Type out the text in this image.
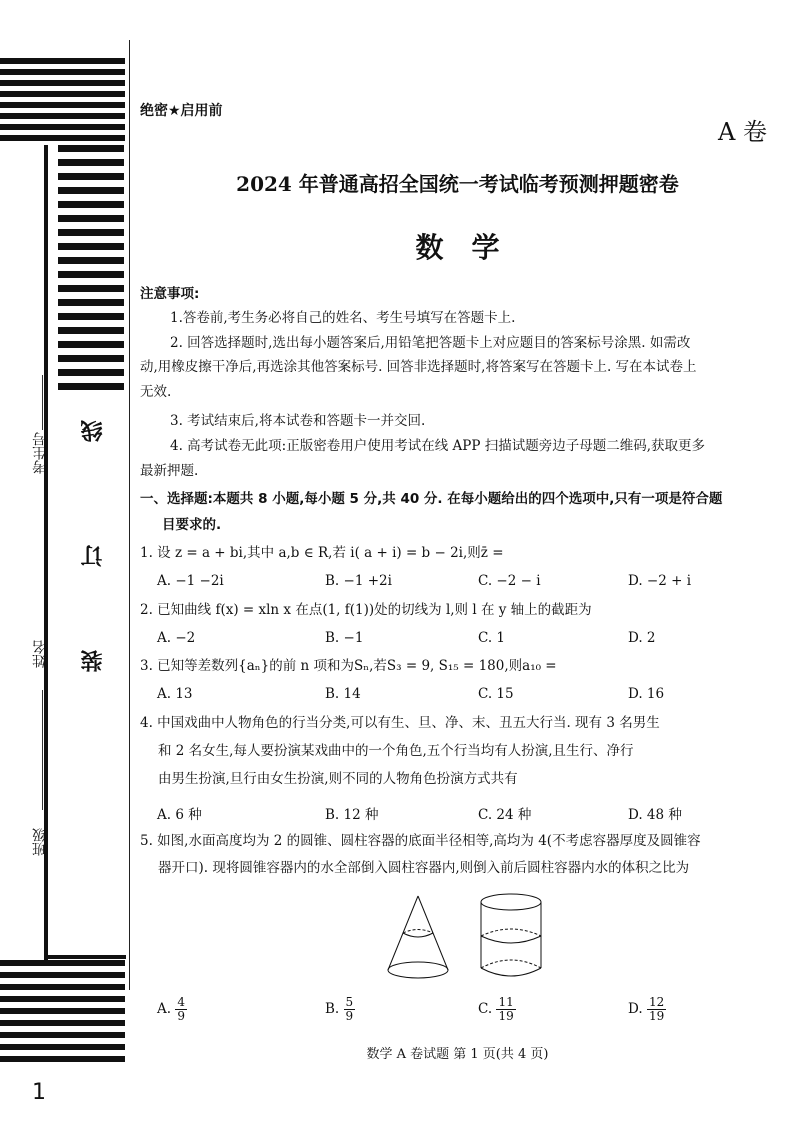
线
订
装
考生号
姓名
班级
1
绝密★启用前
A 卷
2024 年普通高招全国统一考试临考预测押题密卷
数学
注意事项:
1.答卷前,考生务必将自己的姓名、考生号填写在答题卡上.
2. 回答选择题时,选出每小题答案后,用铅笔把答题卡上对应题目的答案标号涂黑. 如需改
动,用橡皮擦干净后,再选涂其他答案标号. 回答非选择题时,将答案写在答题卡上. 写在本试卷上
无效.
3. 考试结束后,将本试卷和答题卡一并交回.
4. 高考试卷无此项:正版密卷用户使用考试在线 APP 扫描试题旁边子母题二维码,获取更多
最新押题.
一、选择题:本题共 8 小题,每小题 5 分,共 40 分. 在每小题给出的四个选项中,只有一项是符合题
目要求的.
1. 设 z = a + bi,其中 a,b ∈ R,若 i( a + i) = b − 2i,则z̄ =
A. −1 −2i	B. −1 +2i	C. −2 − i	D. −2 + i
2. 已知曲线 f(x) = xln x 在点(1, f(1))处的切线为 l,则 l 在 y 轴上的截距为
A. −2	B. −1	C. 1	D. 2
3. 已知等差数列{aₙ}的前 n 项和为Sₙ,若S₃ = 9, S₁₅ = 180,则a₁₀ =
A. 13	B. 14	C. 15	D. 16
4. 中国戏曲中人物角色的行当分类,可以有生、旦、净、末、丑五大行当. 现有 3 名男生
和 2 名女生,每人要扮演某戏曲中的一个角色,五个行当均有人扮演,且生行、净行
由男生扮演,旦行由女生扮演,则不同的人物角色扮演方式共有
A. 6 种	B. 12 种	C. 24 种	D. 48 种
5. 如图,水面高度均为 2 的圆锥、圆柱容器的底面半径相等,高均为 4(不考虑容器厚度及圆锥容
器开口). 现将圆锥容器内的水全部倒入圆柱容器内,则倒入前后圆柱容器内水的体积之比为
A. $\frac{4}{9}$	B. $\frac{5}{9}$	C. $\frac{11}{19}$	D. $\frac{12}{19}$
数学 A 卷试题 第 1 页(共 4 页)
